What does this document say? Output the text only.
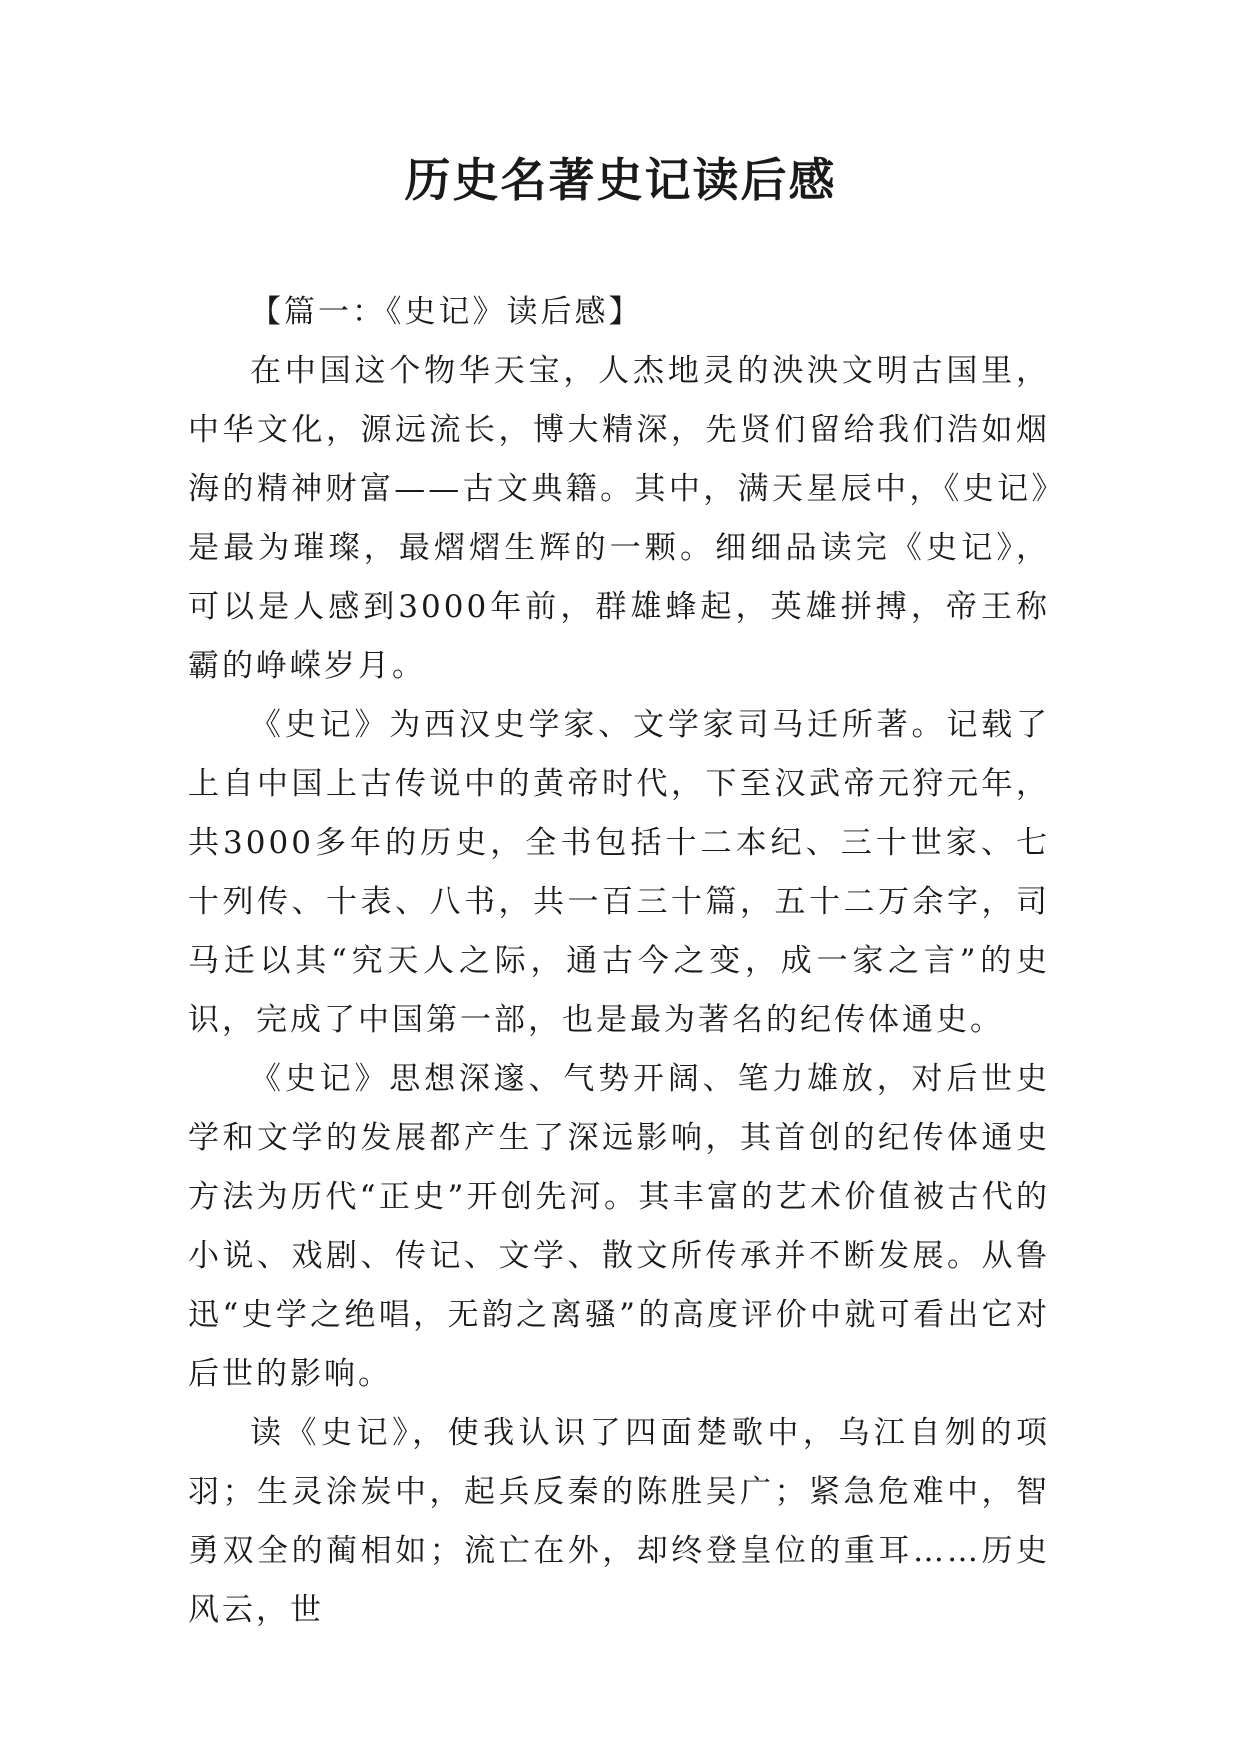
历史名著史记读后感

【篇一：《史记》读后感】

在中国这个物华天宝，人杰地灵的泱泱文明古国里，中华文化，源远流长，博大精深，先贤们留给我们浩如烟海的精神财富——古文典籍。其中，满天星辰中，《史记》是最为璀璨，最熠熠生辉的一颗。细细品读完《史记》，可以是人感到3000年前，群雄蜂起，英雄拼搏，帝王称霸的峥嵘岁月。

《史记》为西汉史学家、文学家司马迁所著。记载了上自中国上古传说中的黄帝时代，下至汉武帝元狩元年，共3000多年的历史，全书包括十二本纪、三十世家、七十列传、十表、八书，共一百三十篇，五十二万余字，司马迁以其“究天人之际，通古今之变，成一家之言”的史识，完成了中国第一部，也是最为著名的纪传体通史。

《史记》思想深邃、气势开阔、笔力雄放，对后世史学和文学的发展都产生了深远影响，其首创的纪传体通史方法为历代“正史”开创先河。其丰富的艺术价值被古代的小说、戏剧、传记、文学、散文所传承并不断发展。从鲁迅“史学之绝唱，无韵之离骚”的高度评价中就可看出它对后世的影响。

读《史记》，使我认识了四面楚歌中，乌江自刎的项羽；生灵涂炭中，起兵反秦的陈胜吴广；紧急危难中，智勇双全的蔺相如；流亡在外，却终登皇位的重耳……历史风云，世
